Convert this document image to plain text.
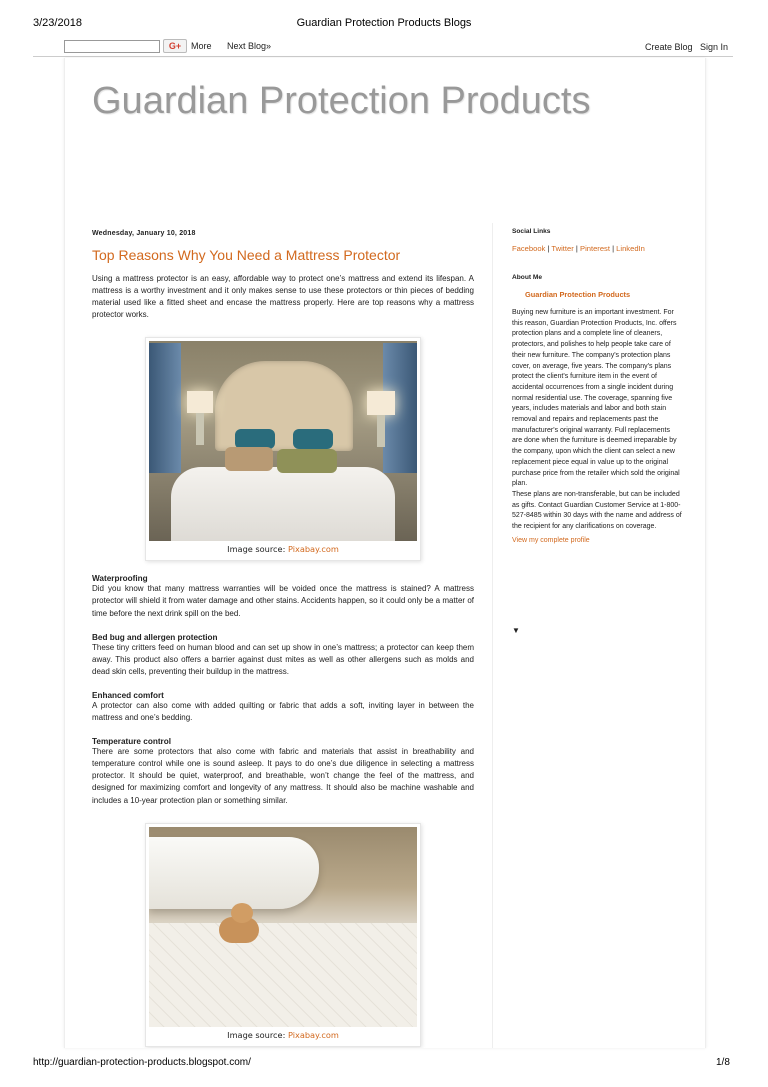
3/23/2018	Guardian Protection Products Blogs
G+	More Next Blog»	Create Blog Sign In
Guardian Protection Products
Wednesday, January 10, 2018
Top Reasons Why You Need a Mattress Protector

Using a mattress protector is an easy, affordable way to protect one’s mattress and extend its lifespan. A mattress is a worthy investment and it only makes sense to use these protectors or thin pieces of bedding material used like a fitted sheet and encase the mattress properly. Here are top reasons why a mattress protector works.

Image source: Pixabay.com
Waterproofing

Did you know that many mattress warranties will be voided once the mattress is stained? A mattress protector will shield it from water damage and other stains. Accidents happen, so it could only be a matter of time before the next drink spill on the bed.

Bed bug and allergen protection

These tiny critters feed on human blood and can set up show in one’s mattress; a protector can keep them away. This product also offers a barrier against dust mites as well as other allergens such as molds and dead skin cells, preventing their buildup in the mattress.

Enhanced comfort

A protector can also come with added quilting or fabric that adds a soft, inviting layer in between the mattress and one’s bedding.

Temperature control

There are some protectors that also come with fabric and materials that assist in breathability and temperature control while one is sound asleep. It pays to do one’s due diligence in selecting a mattress protector. It should be quiet, waterproof, and breathable, won’t change the feel of the mattress, and designed for maximizing comfort and longevity of any mattress. It should also be machine washable and includes a 10-year protection plan or something similar.

Image source: Pixabay.com
Social Links
Facebook | Twitter | Pinterest | LinkedIn
About Me
Guardian Protection Products
Buying new furniture is an important investment. For this reason, Guardian Protection Products, Inc. offers protection plans and a complete line of cleaners, protectors, and polishes to help people take care of their new furniture. The company's protection plans cover, on average, five years. The company's plans protect the client's furniture item in the event of accidental occurrences from a single incident during normal residential use. The coverage, spanning five years, includes materials and labor and both stain removal and repairs and replacements past the manufacturer's original warranty. Full replacements are done when the furniture is deemed irreparable by the company, upon which the client can select a new replacement piece equal in value up to the original purchase price from the retailer which sold the original plan.
These plans are non-transferable, but can be included as gifts. Contact Guardian Customer Service at 1-800-527-8485 within 30 days with the name and address of the recipient for any clarifications on coverage.
View my complete profile
▼
http://guardian-protection-products.blogspot.com/	1/8
